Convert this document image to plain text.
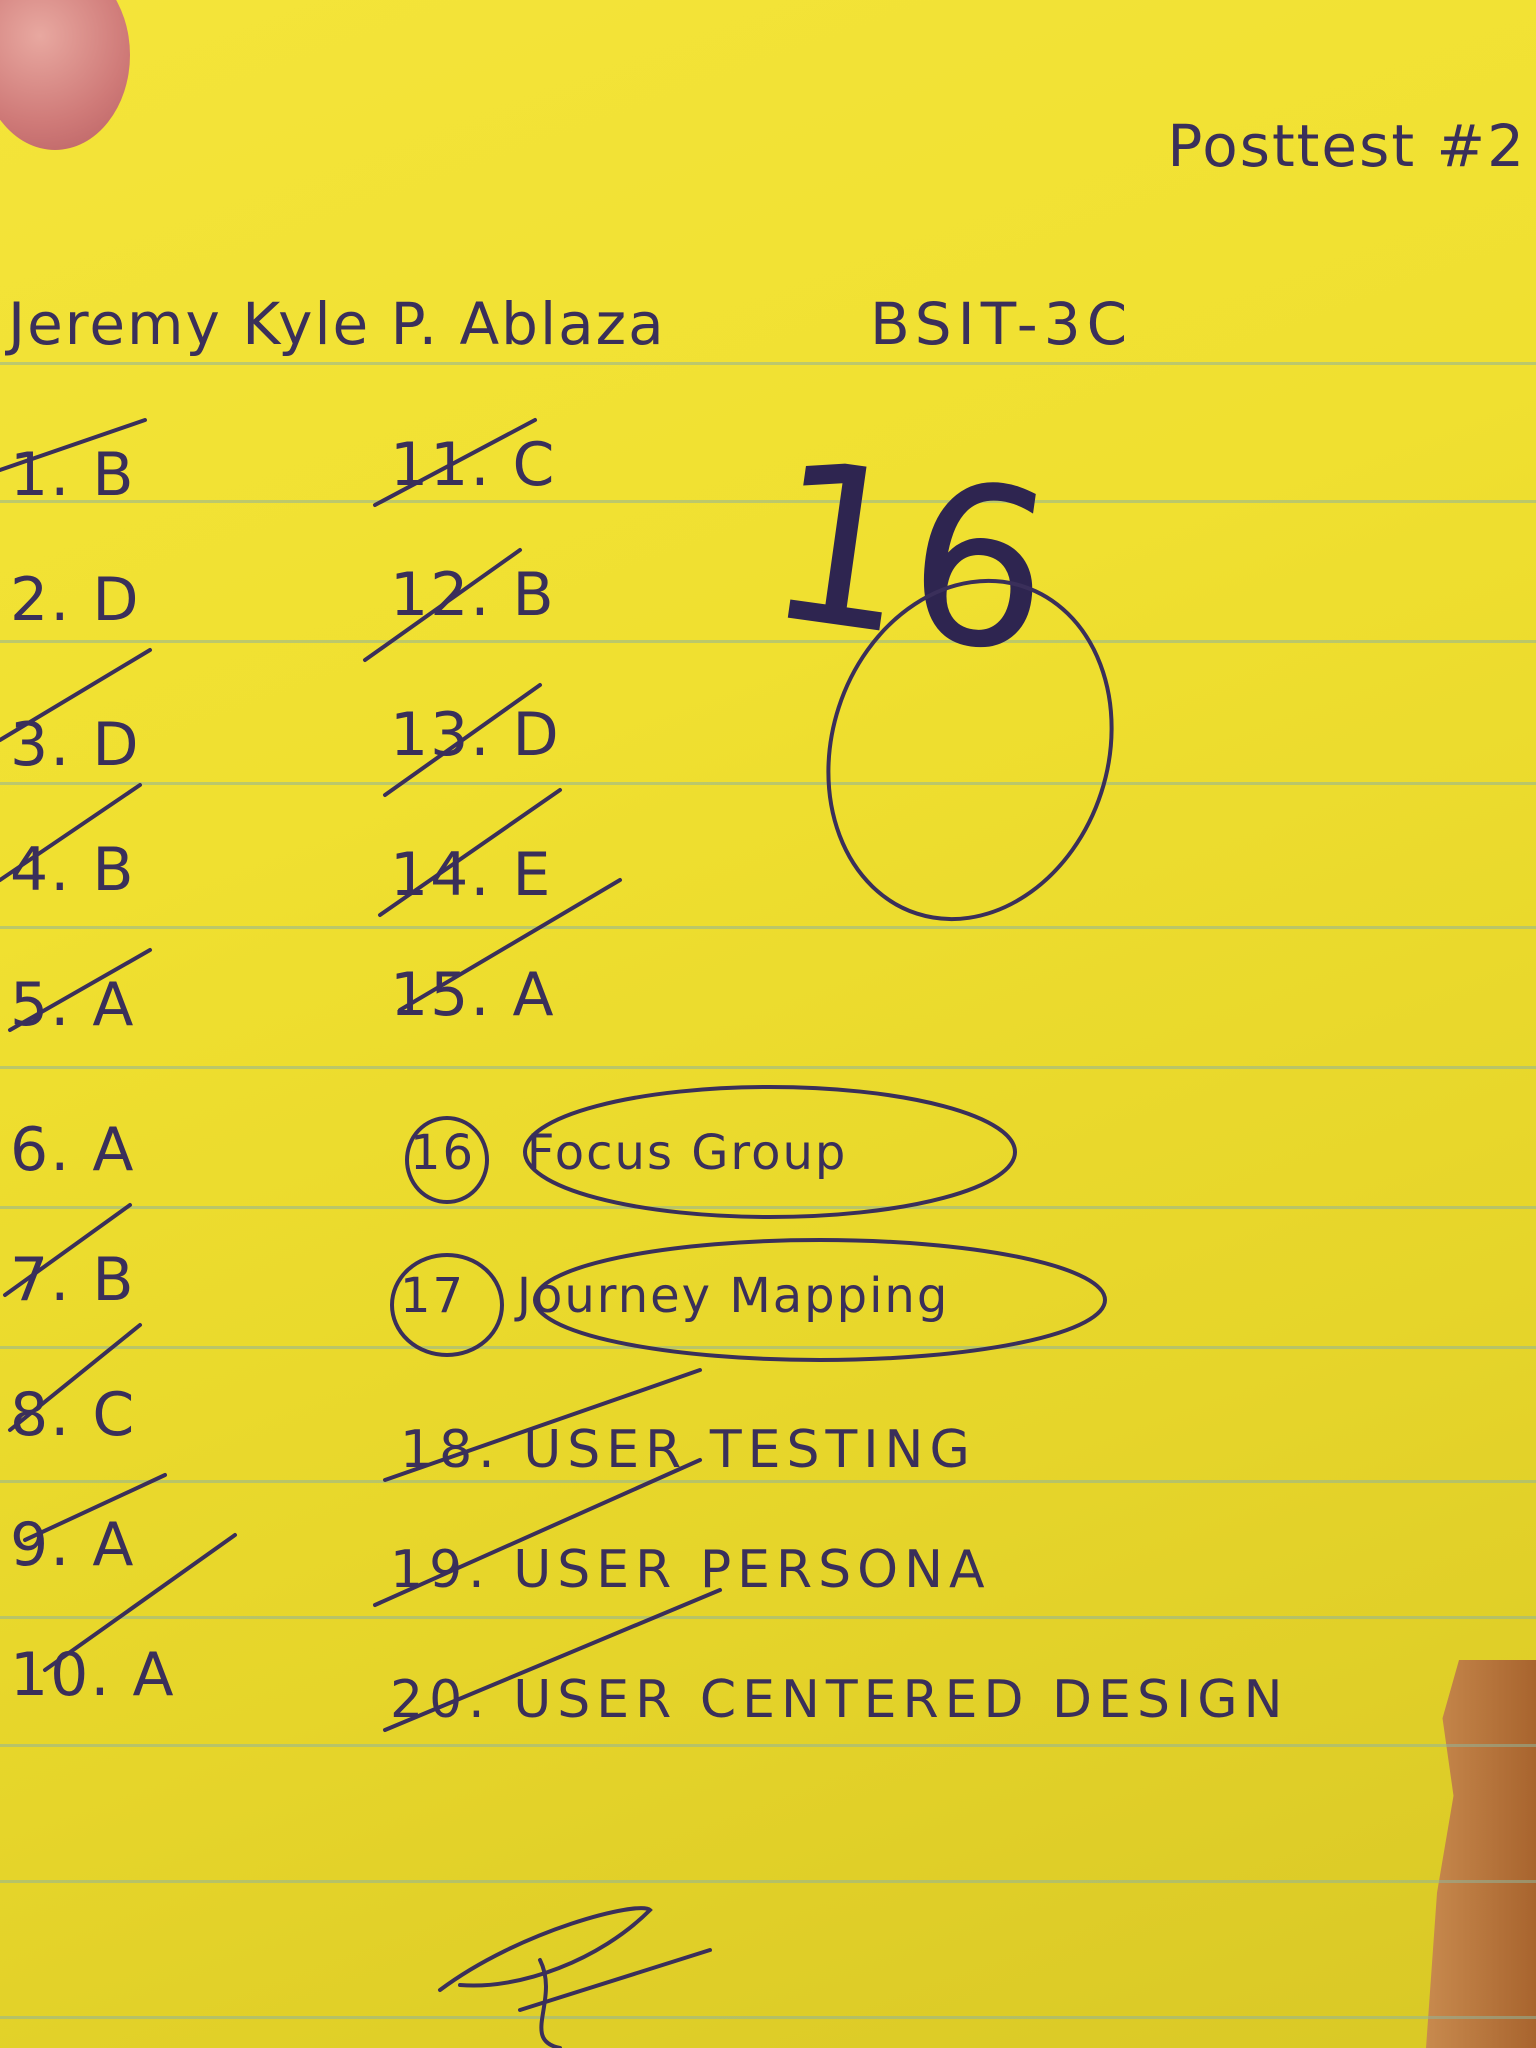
Posttest #2
Jeremy Kyle P. Ablaza	BSIT-3C
1. B
2. D
3. D
4. B
5. A
6. A
7. B
8. C
9. A
10. A
11. C
12. B
13. D
14. E
15. A
16 Focus Group
17 Journey Mapping
18. USER TESTING
19. USER PERSONA
20. USER CENTERED DESIGN
16
